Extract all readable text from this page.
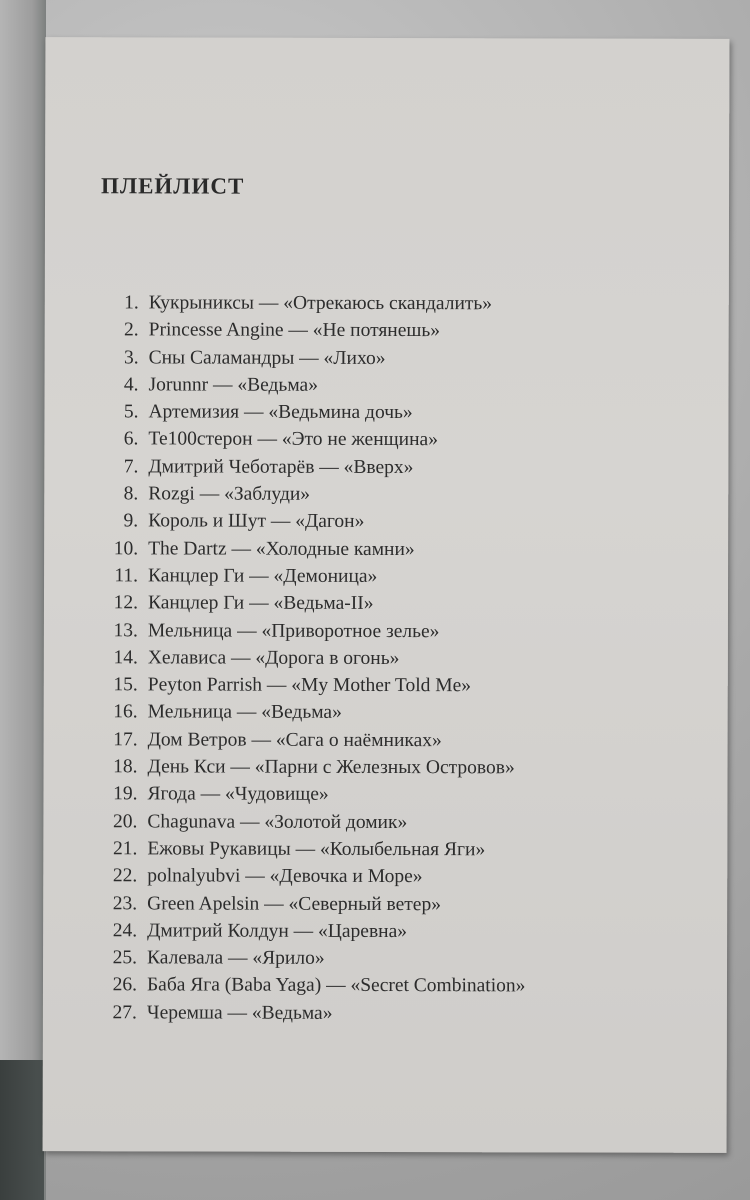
ПЛЕЙЛИСТ
1. Кукрыниксы — «Отрекаюсь скандалить»
2. Princesse Angine — «Не потянешь»
3. Сны Саламандры — «Лихо»
4. Jorunnr — «Ведьма»
5. Артемизия — «Ведьмина дочь»
6. Te100стерон — «Это не женщина»
7. Дмитрий Чеботарёв — «Вверх»
8. Rozgi — «Заблуди»
9. Король и Шут — «Дагон»
10. The Dartz — «Холодные камни»
11. Канцлер Ги — «Демоница»
12. Канцлер Ги — «Ведьма-II»
13. Мельница — «Приворотное зелье»
14. Хелависа — «Дорога в огонь»
15. Peyton Parrish — «My Mother Told Me»
16. Мельница — «Ведьма»
17. Дом Ветров — «Сага о наёмниках»
18. День Кси — «Парни с Железных Островов»
19. Ягода — «Чудовище»
20. Chagunava — «Золотой домик»
21. Ежовы Рукавицы — «Колыбельная Яги»
22. polnalyubvi — «Девочка и Море»
23. Green Apelsin — «Северный ветер»
24. Дмитрий Колдун — «Царевна»
25. Калевала — «Ярило»
26. Баба Яга (Baba Yaga) — «Secret Combination»
27. Черемша — «Ведьма»
